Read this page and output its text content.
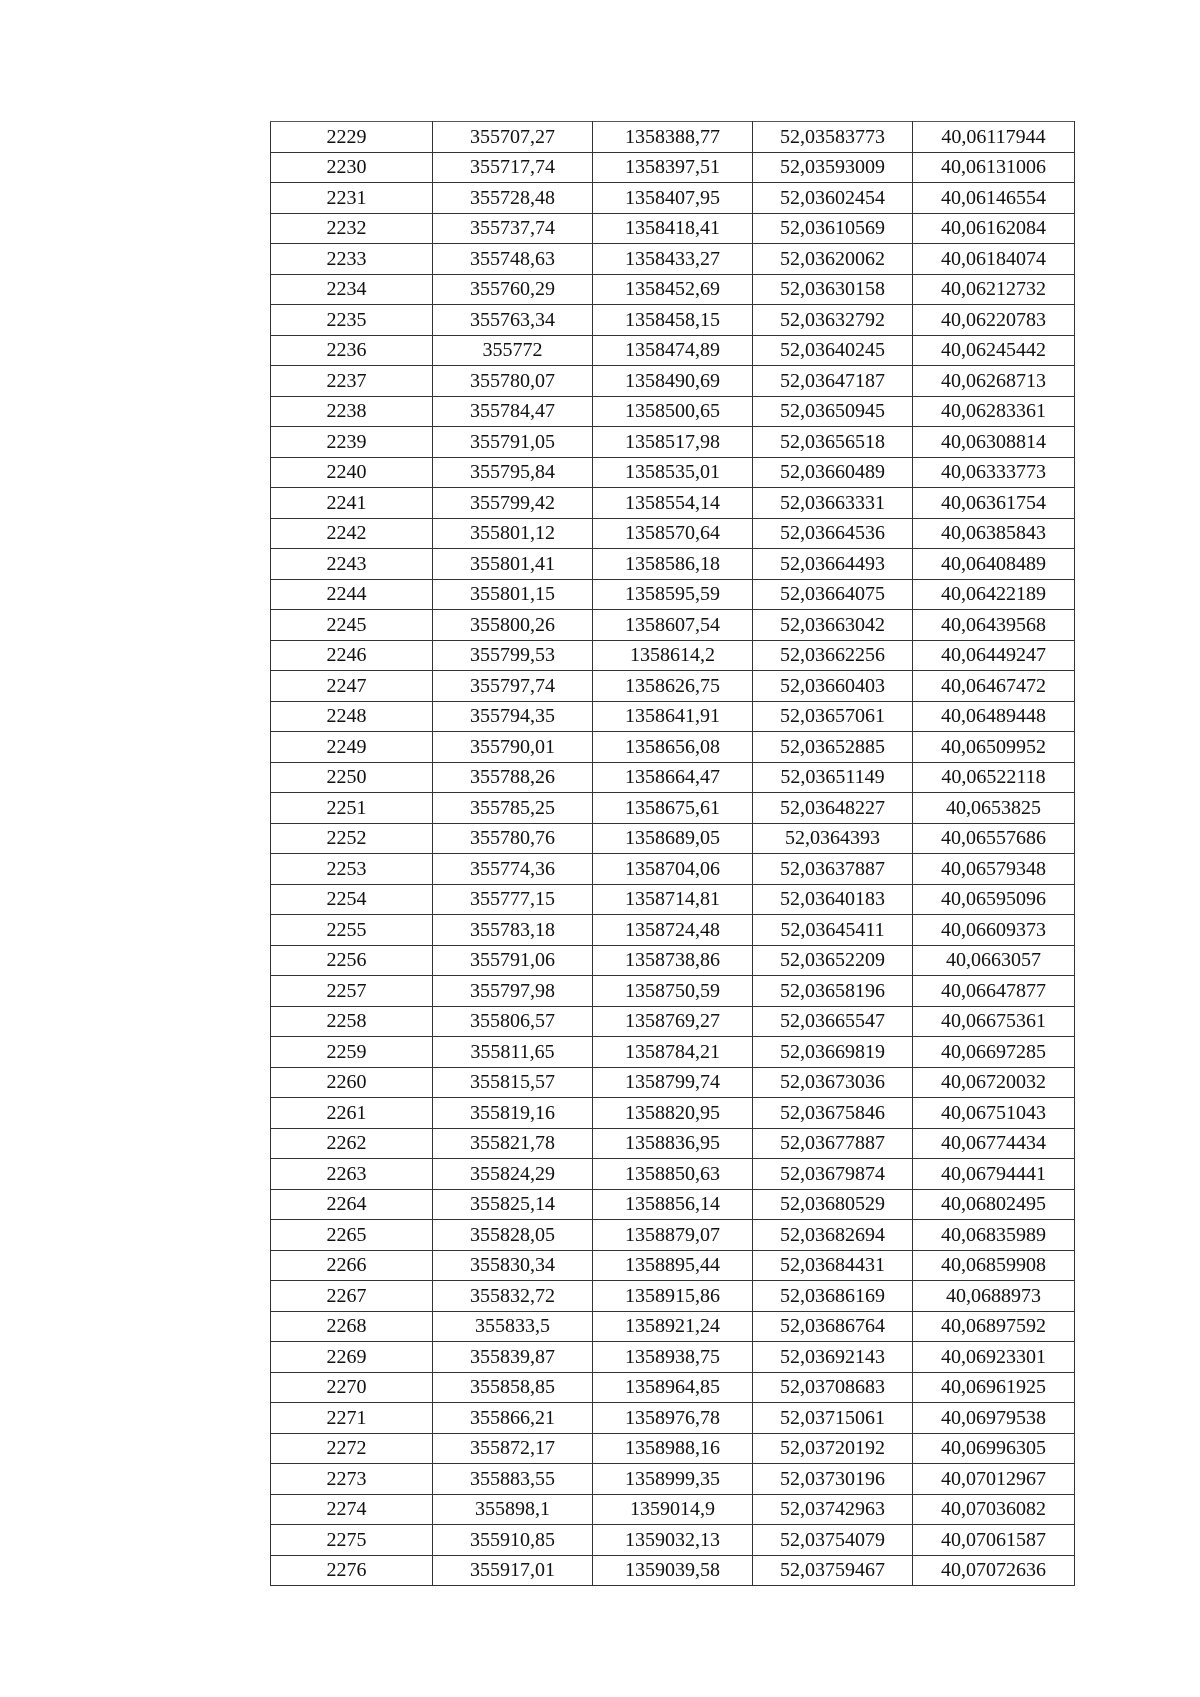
2229	355707,27	1358388,77	52,03583773	40,06117944
2230	355717,74	1358397,51	52,03593009	40,06131006
2231	355728,48	1358407,95	52,03602454	40,06146554
2232	355737,74	1358418,41	52,03610569	40,06162084
2233	355748,63	1358433,27	52,03620062	40,06184074
2234	355760,29	1358452,69	52,03630158	40,06212732
2235	355763,34	1358458,15	52,03632792	40,06220783
2236	355772	1358474,89	52,03640245	40,06245442
2237	355780,07	1358490,69	52,03647187	40,06268713
2238	355784,47	1358500,65	52,03650945	40,06283361
2239	355791,05	1358517,98	52,03656518	40,06308814
2240	355795,84	1358535,01	52,03660489	40,06333773
2241	355799,42	1358554,14	52,03663331	40,06361754
2242	355801,12	1358570,64	52,03664536	40,06385843
2243	355801,41	1358586,18	52,03664493	40,06408489
2244	355801,15	1358595,59	52,03664075	40,06422189
2245	355800,26	1358607,54	52,03663042	40,06439568
2246	355799,53	1358614,2	52,03662256	40,06449247
2247	355797,74	1358626,75	52,03660403	40,06467472
2248	355794,35	1358641,91	52,03657061	40,06489448
2249	355790,01	1358656,08	52,03652885	40,06509952
2250	355788,26	1358664,47	52,03651149	40,06522118
2251	355785,25	1358675,61	52,03648227	40,0653825
2252	355780,76	1358689,05	52,0364393	40,06557686
2253	355774,36	1358704,06	52,03637887	40,06579348
2254	355777,15	1358714,81	52,03640183	40,06595096
2255	355783,18	1358724,48	52,03645411	40,06609373
2256	355791,06	1358738,86	52,03652209	40,0663057
2257	355797,98	1358750,59	52,03658196	40,06647877
2258	355806,57	1358769,27	52,03665547	40,06675361
2259	355811,65	1358784,21	52,03669819	40,06697285
2260	355815,57	1358799,74	52,03673036	40,06720032
2261	355819,16	1358820,95	52,03675846	40,06751043
2262	355821,78	1358836,95	52,03677887	40,06774434
2263	355824,29	1358850,63	52,03679874	40,06794441
2264	355825,14	1358856,14	52,03680529	40,06802495
2265	355828,05	1358879,07	52,03682694	40,06835989
2266	355830,34	1358895,44	52,03684431	40,06859908
2267	355832,72	1358915,86	52,03686169	40,0688973
2268	355833,5	1358921,24	52,03686764	40,06897592
2269	355839,87	1358938,75	52,03692143	40,06923301
2270	355858,85	1358964,85	52,03708683	40,06961925
2271	355866,21	1358976,78	52,03715061	40,06979538
2272	355872,17	1358988,16	52,03720192	40,06996305
2273	355883,55	1358999,35	52,03730196	40,07012967
2274	355898,1	1359014,9	52,03742963	40,07036082
2275	355910,85	1359032,13	52,03754079	40,07061587
2276	355917,01	1359039,58	52,03759467	40,07072636
